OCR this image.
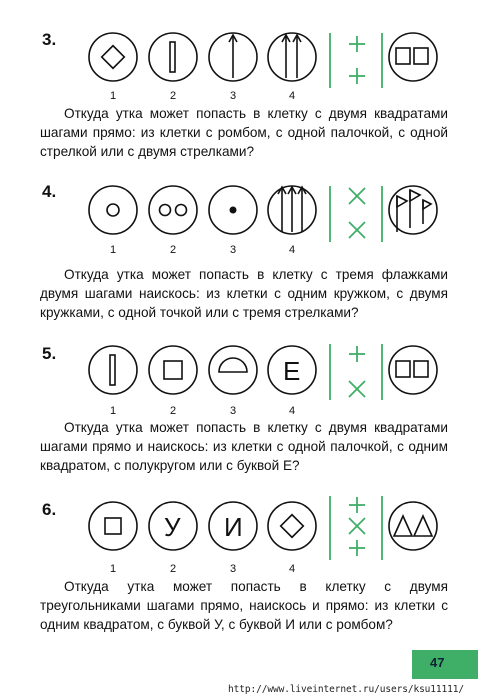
3.
1	2	3	4
Откуда утка может попасть в клетку с двумя квадратами шагами прямо: из клетки с ромбом, с одной палочкой, с одной стрелкой или с двумя стрелками?
4.
1	2	3	4
Откуда утка может попасть в клетку с тремя флажками двумя шагами наискось: из клетки с одним кружком, с двумя кружками, с одной точкой или с тремя стрелками?
5.
Е
1	2	3	4
Откуда утка может попасть в клетку с двумя квадратами шагами прямо и наискось: из клетки с одной палочкой, с одним квадратом, с полукругом или с буквой Е?
6.
У И
1	2	3	4
Откуда утка может попасть в клетку с двумя треугольниками шагами прямо, наискось и прямо: из клетки с одним квадратом, с буквой У, с буквой И или с ромбом?
47
http://www.liveinternet.ru/users/ksu11111/
